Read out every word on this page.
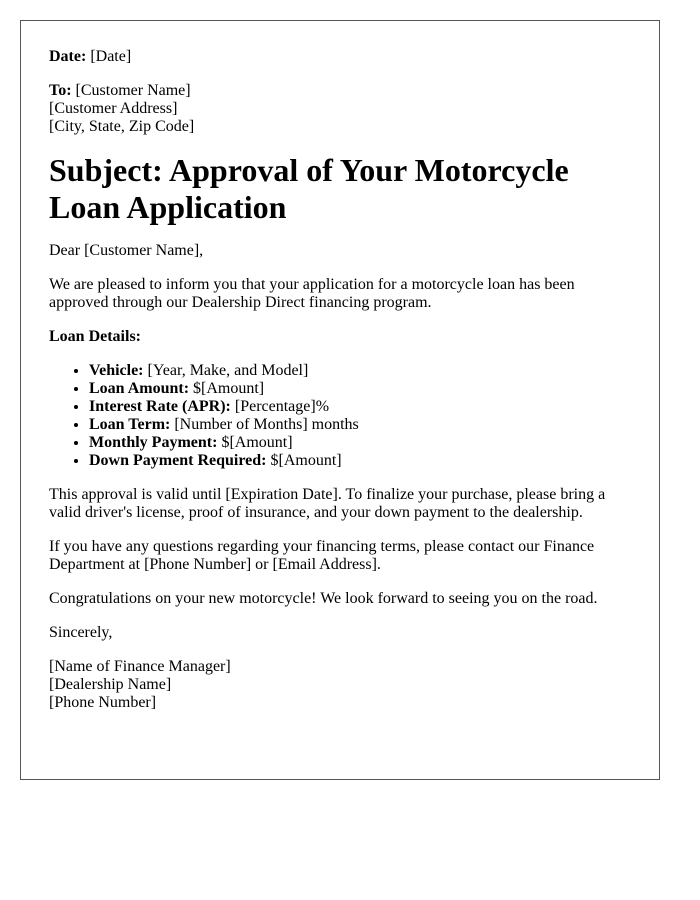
Date: [Date]

To: [Customer Name]
[Customer Address]
[City, State, Zip Code]

Subject: Approval of Your Motorcycle Loan Application

Dear [Customer Name],

We are pleased to inform you that your application for a motorcycle loan has been approved through our Dealership Direct financing program.

Loan Details:

• Vehicle: [Year, Make, and Model]
• Loan Amount: $[Amount]
• Interest Rate (APR): [Percentage]%
• Loan Term: [Number of Months] months
• Monthly Payment: $[Amount]
• Down Payment Required: $[Amount]

This approval is valid until [Expiration Date]. To finalize your purchase, please bring a valid driver's license, proof of insurance, and your down payment to the dealership.

If you have any questions regarding your financing terms, please contact our Finance Department at [Phone Number] or [Email Address].

Congratulations on your new motorcycle! We look forward to seeing you on the road.

Sincerely,

[Name of Finance Manager]
[Dealership Name]
[Phone Number]
